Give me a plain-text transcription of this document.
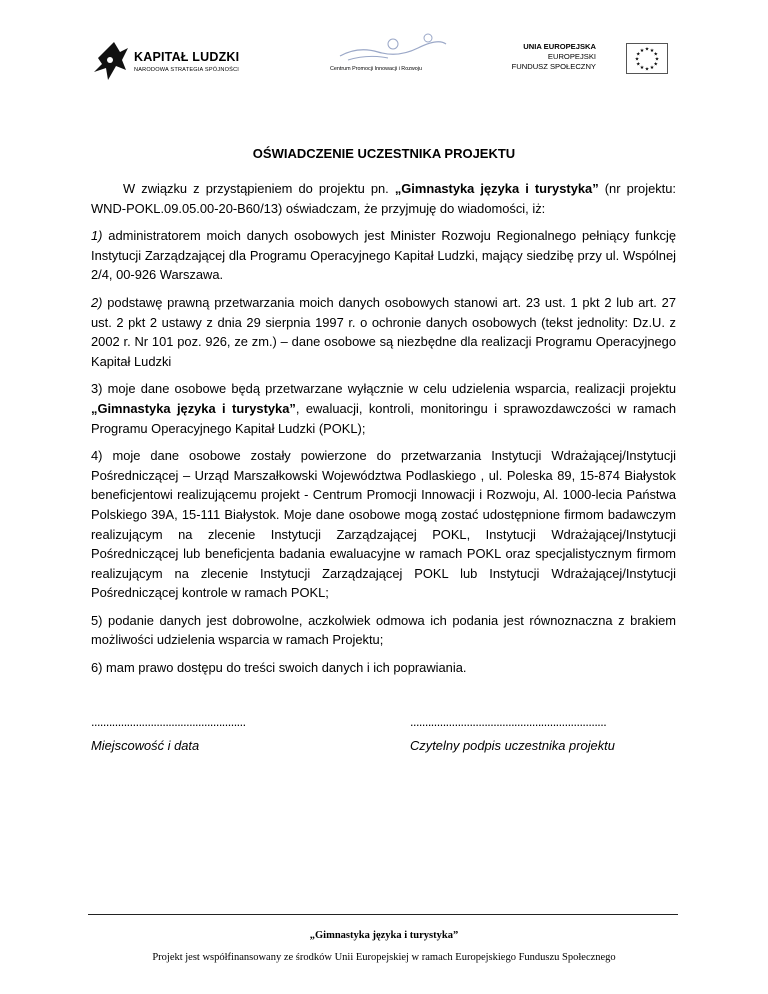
KAPITAŁ LUDZKI
NARODOWA STRATEGIA SPÓJNOŚCI	Centrum Promocji Innowacji i Rozwoju
UNIA EUROPEJSKA
EUROPEJSKI
FUNDUSZ SPOŁECZNY
★ ★
★
★
★
★
★
★
★
★
★
★
OŚWIADCZENIE UCZESTNIKA PROJEKTU

W związku z przystąpieniem do projektu pn. „Gimnastyka języka i turystyka” (nr projektu: WND-POKL.09.05.00-20-B60/13) oświadczam, że przyjmuję do wiadomości, iż:

1) administratorem moich danych osobowych jest Minister Rozwoju Regionalnego pełniący funkcję Instytucji Zarządzającej dla Programu Operacyjnego Kapitał Ludzki, mający siedzibę przy ul. Wspólnej 2/4, 00-926 Warszawa.

2) podstawę prawną przetwarzania moich danych osobowych stanowi art. 23 ust. 1 pkt 2 lub art. 27 ust. 2 pkt 2 ustawy z dnia 29 sierpnia 1997 r. o ochronie danych osobowych (tekst jednolity: Dz.U. z 2002 r. Nr 101 poz. 926, ze zm.) – dane osobowe są niezbędne dla realizacji Programu Operacyjnego Kapitał Ludzki

3) moje dane osobowe będą przetwarzane wyłącznie w celu udzielenia wsparcia, realizacji projektu „Gimnastyka języka i turystyka”, ewaluacji, kontroli, monitoringu i sprawozdawczości w ramach Programu Operacyjnego Kapitał Ludzki (POKL);

4) moje dane osobowe zostały powierzone do przetwarzania Instytucji Wdrażającej/Instytucji Pośredniczącej – Urząd Marszałkowski Województwa Podlaskiego , ul. Poleska 89, 15-874 Białystok beneficjentowi realizującemu projekt - Centrum Promocji Innowacji i Rozwoju, Al. 1000-lecia Państwa Polskiego 39A, 15-111 Białystok. Moje dane osobowe mogą zostać udostępnione firmom badawczym realizującym na zlecenie Instytucji Zarządzającej POKL, Instytucji Wdrażającej/Instytucji Pośredniczącej lub beneficjenta badania ewaluacyjne w ramach POKL oraz specjalistycznym firmom realizującym na zlecenie Instytucji Zarządzającej POKL lub Instytucji Wdrażającej/Instytucji Pośredniczącej kontrole w ramach POKL;

5) podanie danych jest dobrowolne, aczkolwiek odmowa ich podania jest równoznaczna z brakiem możliwości udzielenia wsparcia w ramach Projektu;

6) mam prawo dostępu do treści swoich danych i ich poprawiania.

....................................................
Miejscowość i data
..................................................................
Czytelny podpis uczestnika projektu
„Gimnastyka języka i turystyka”
Projekt jest współfinansowany ze środków Unii Europejskiej w ramach Europejskiego Funduszu Społecznego
